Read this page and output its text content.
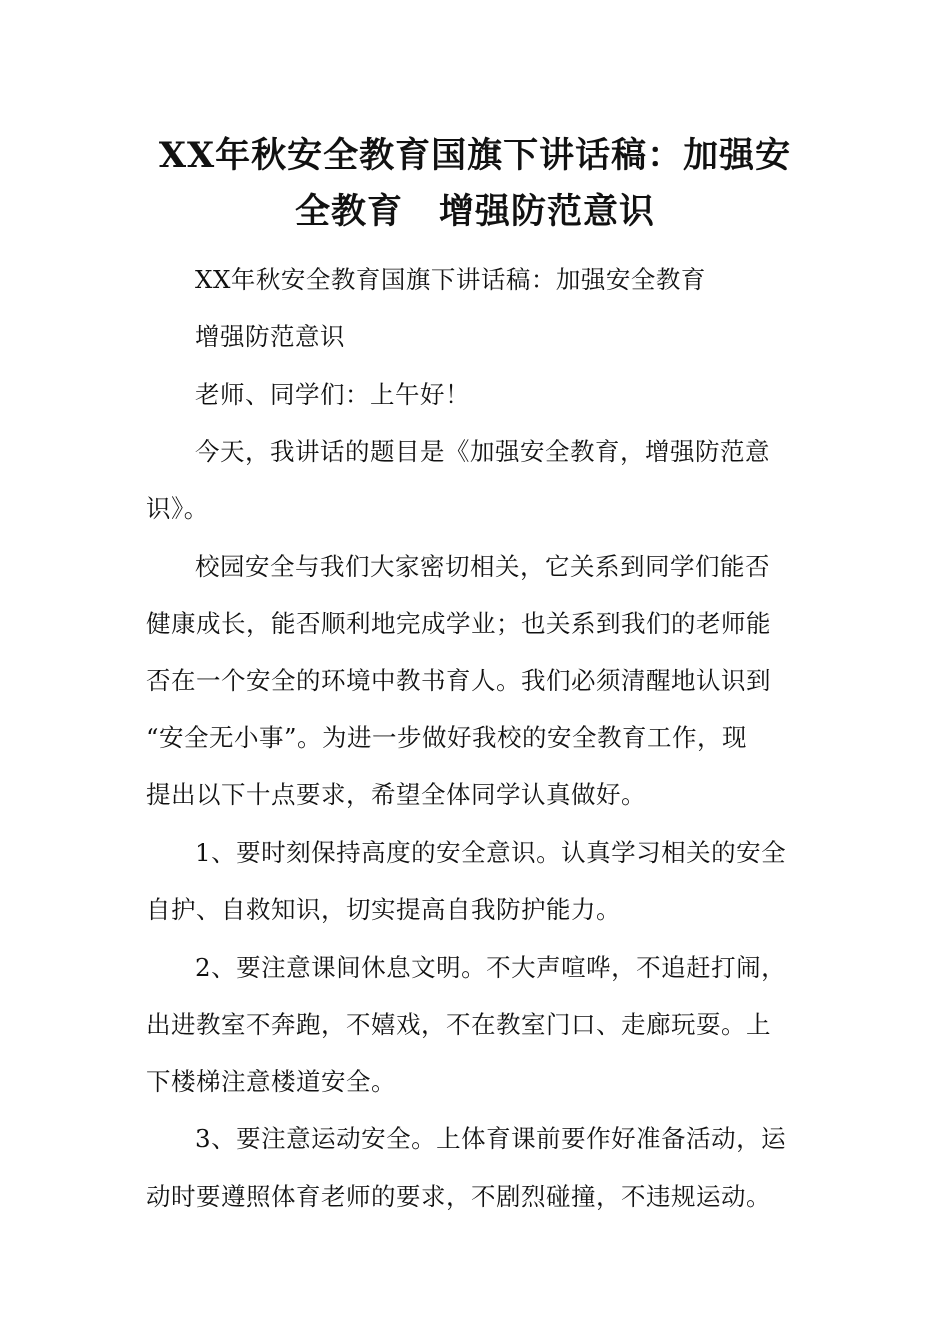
XX年秋安全教育国旗下讲话稿：加强安
全教育　增强防范意识
XX年秋安全教育国旗下讲话稿：加强安全教育
增强防范意识
老师、同学们：上午好！
今天，我讲话的题目是《加强安全教育，增强防范意
识》。
校园安全与我们大家密切相关，它关系到同学们能否
健康成长，能否顺利地完成学业；也关系到我们的老师能
否在一个安全的环境中教书育人。我们必须清醒地认识到
“安全无小事”。为进一步做好我校的安全教育工作，现
提出以下十点要求，希望全体同学认真做好。
1、要时刻保持高度的安全意识。认真学习相关的安全
自护、自救知识，切实提高自我防护能力。
2、要注意课间休息文明。不大声喧哗，不追赶打闹，
出进教室不奔跑，不嬉戏，不在教室门口、走廊玩耍。上
下楼梯注意楼道安全。
3、要注意运动安全。上体育课前要作好准备活动，运
动时要遵照体育老师的要求，不剧烈碰撞，不违规运动。
